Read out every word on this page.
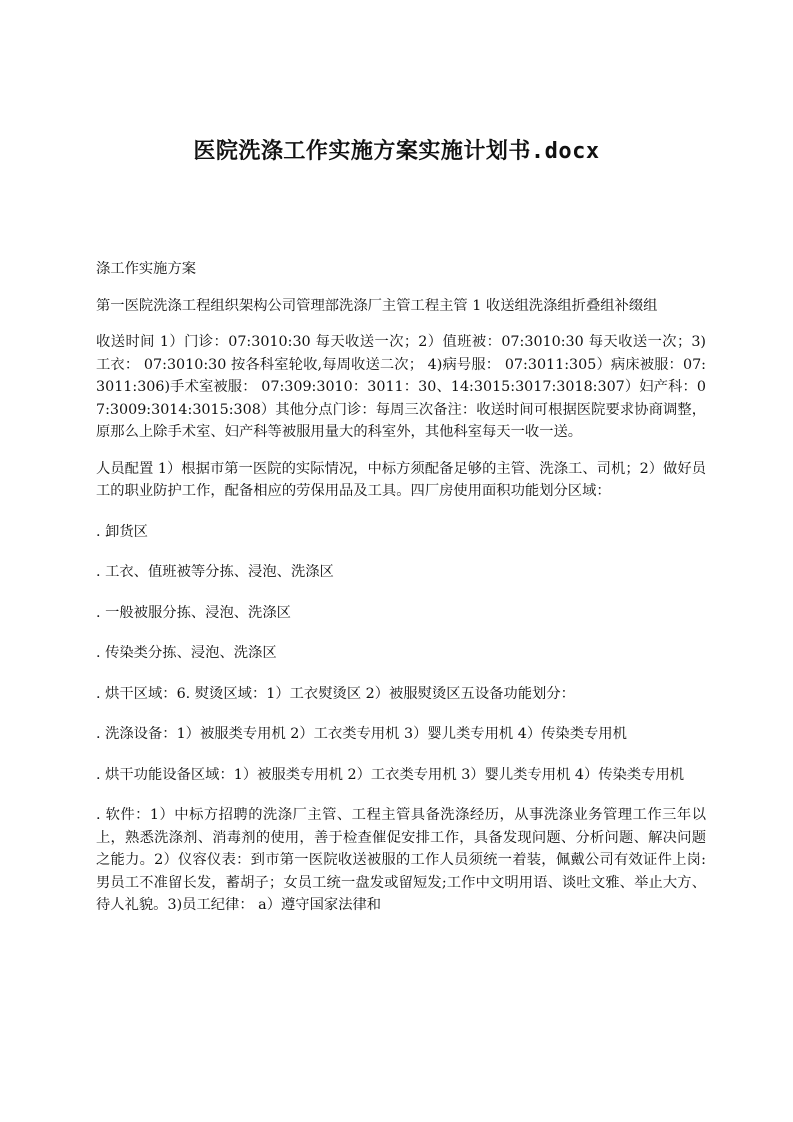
医院洗涤工作实施方案实施计划书.docx

涤工作实施方案

第一医院洗涤工程组织架构公司管理部洗涤厂主管工程主管 1 收送组洗涤组折叠组补缀组

收送时间 1）门诊：07:3010:30 每天收送一次；2）值班被：07:3010:30 每天收送一次；3)工衣： 07:3010:30 按各科室轮收,每周收送二次； 4)病号服： 07:3011:305）病床被服：07:3011:306)手术室被服： 07:309:3010：3011：30、14:3015:3017:3018:307）妇产科：07:3009:3014:3015:308）其他分点门诊：每周三次备注：收送时间可根据医院要求协商调整，原那么上除手术室、妇产科等被服用量大的科室外，其他科室每天一收一送。

人员配置 1）根据市第一医院的实际情况，中标方须配备足够的主管、洗涤工、司机；2）做好员工的职业防护工作，配备相应的劳保用品及工具。四厂房使用面积功能划分区域：

. 卸货区

. 工衣、值班被等分拣、浸泡、洗涤区

. 一般被服分拣、浸泡、洗涤区

. 传染类分拣、浸泡、洗涤区

. 烘干区域：6. 熨烫区域：1）工衣熨烫区 2）被服熨烫区五设备功能划分：

. 洗涤设备：1）被服类专用机 2）工衣类专用机 3）婴儿类专用机 4）传染类专用机

. 烘干功能设备区域：1）被服类专用机 2）工衣类专用机 3）婴儿类专用机 4）传染类专用机

. 软件：1）中标方招聘的洗涤厂主管、工程主管具备洗涤经历，从事洗涤业务管理工作三年以上，熟悉洗涤剂、消毒剂的使用，善于检查催促安排工作，具备发现问题、分析问题、解决问题之能力。2）仪容仪表：到市第一医院收送被服的工作人员须统一着装，佩戴公司有效证件上岗:男员工不准留长发，蓄胡子；女员工统一盘发或留短发;工作中文明用语、谈吐文雅、举止大方、待人礼貌。3)员工纪律： a）遵守国家法律和
